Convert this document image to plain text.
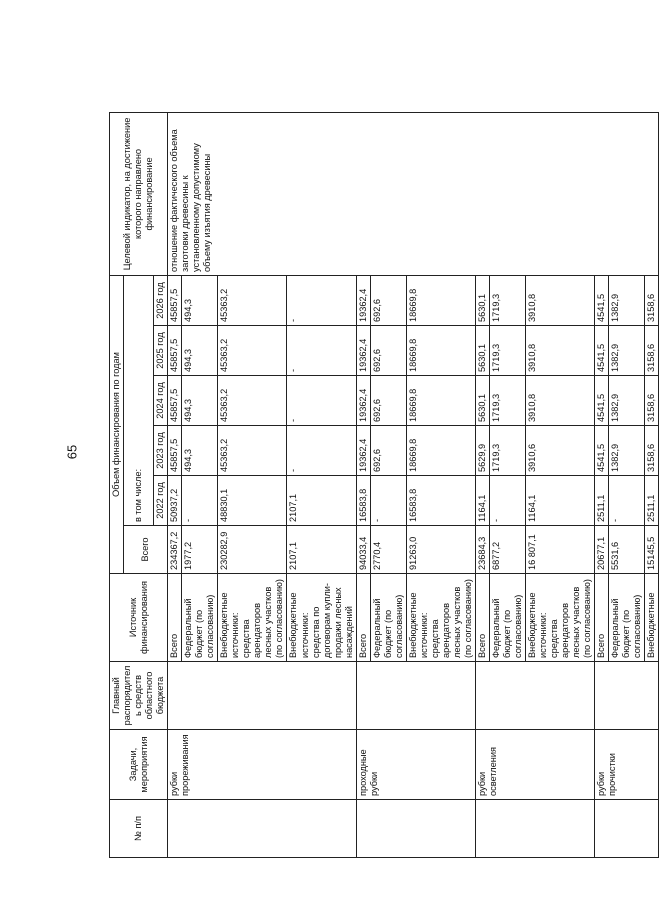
65
№ п/п	Задачи, мероприятия	Главный распорядитель средств областного бюджета	Источник финансирования	Объем финансирования по годам						Целевой индикатор, на достижение которого направлено финансирование
				Всего	в том числе:					
					2022 год	2023 год	2024 год	2025 год	2026 год	
	рубки прореживания		Всего	234367,2	50937,2	45857,5	45857,5	45857,5	45857,5	отношение фактического объема заготовки древесины к установленному допустимому объему изъятия древесины
			Федеральный бюджет (по согласованию)	1977,2	-	494,3	494,3	494,3	494,3	
			Внебюджетные источники: средства арендаторов лесных участков (по согласованию)	230282,9	48830,1	45363,2	45363,2	45363,2	45363,2	
			Внебюджетные источники: средства по договорам купли-продажи лесных насаждений	2107,1	2107,1	-	-	-	-	
	проходные рубки		Всего	94033,4	16583,8	19362,4	19362,4	19362,4	19362,4	
			Федеральный бюджет (по согласованию)	2770,4	-	692,6	692,6	692,6	692,6	
			Внебюджетные источники: средства арендаторов лесных участков (по согласованию)	91263,0	16583,8	18669,8	18669,8	18669,8	18669,8	
	рубки осветления		Всего	23684,3	1164,1	5629,9	5630,1	5630,1	5630,1	
			Федеральный бюджет (по согласованию)	6877,2	-	1719,3	1719,3	1719,3	1719,3	
			Внебюджетные источники: средства арендаторов лесных участков (по согласованию)	16 807,1	1164,1	3910,6	3910,8	3910,8	3910,8	
	рубки прочистки		Всего	20677,1	2511,1	4541,5	4541,5	4541,5	4541,5	
			Федеральный бюджет (по согласованию)	5531,6	-	1382,9	1382,9	1382,9	1382,9	
			Внебюджетные	15145,5	2511,1	3158,6	3158,6	3158,6	3158,6	
